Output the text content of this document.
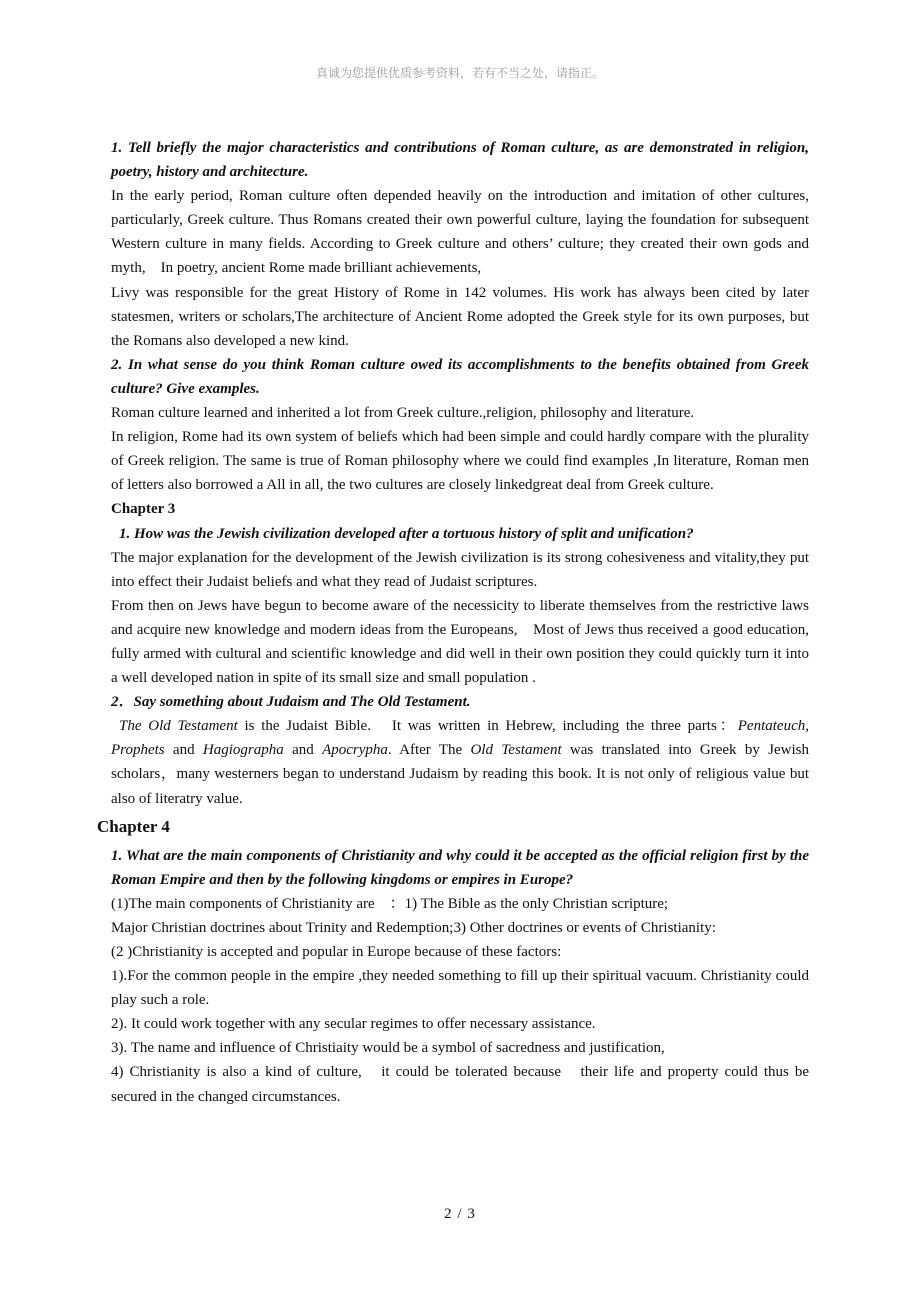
真诚为您提供优质参考资料，若有不当之处，请指正。

1. Tell briefly the major characteristics and contributions of Roman culture, as are demonstrated in religion, poetry, history and architecture.

In the early period, Roman culture often depended heavily on the introduction and imitation of other cultures, particularly, Greek culture. Thus Romans created their own powerful culture, laying the foundation for subsequent Western culture in many fields. According to Greek culture and others’ culture; they created their own gods and myth,　In poetry, ancient Rome made brilliant achievements,

Livy was responsible for the great History of Rome in 142 volumes. His work has always been cited by later statesmen, writers or scholars,The architecture of Ancient Rome adopted the Greek style for its own purposes, but the Romans also developed a new kind.

2. In what sense do you think Roman culture owed its accomplishments to the benefits obtained from Greek culture? Give examples.

Roman culture learned and inherited a lot from Greek culture.,religion, philosophy and literature.

In religion, Rome had its own system of beliefs which had been simple and could hardly compare with the plurality of Greek religion. The same is true of Roman philosophy where we could find examples ,In literature, Roman men of letters also borrowed a All in all, the two cultures are closely linkedgreat deal from Greek culture.

Chapter 3

1. How was the Jewish civilization developed after a tortuous history of split and unification?

The major explanation for the development of the Jewish civilization is its strong cohesiveness and vitality,they put into effect their Judaist beliefs and what they read of Judaist scriptures.

From then on Jews have begun to become aware of the necessicity to liberate themselves from the restrictive laws and acquire new knowledge and modern ideas from the Europeans,　Most of Jews thus received a good education, fully armed with cultural and scientific knowledge and did well in their own position they could quickly turn it into a well developed nation in spite of its small size and small population .

2．Say something about Judaism and The Old Testament.

The Old Testament is the Judaist Bible.　It was written in Hebrew, including the three parts：Pentateuch, Prophets and Hagiographa and Apocrypha. After The Old Testament was translated into Greek by Jewish scholars，many westerners began to understand Judaism by reading this book. It is not only of religious value but also of literatry value.

Chapter 4

1. What are the main components of Christianity and why could it be accepted as the official religion first by the Roman Empire and then by the following kingdoms or empires in Europe?

(1)The main components of Christianity are　：1) The Bible as the only Christian scripture;

Major Christian doctrines about Trinity and Redemption;3) Other doctrines or events of Christianity:

(2 )Christianity is accepted and popular in Europe because of these factors:

1).For the common people in the empire ,they needed something to fill up their spiritual vacuum. Christianity could play such a role.

2). It could work together with any secular regimes to offer necessary assistance.

3). The name and influence of Christiaity would be a symbol of sacredness and justification,

4) Christianity is also a kind of culture,　it could be tolerated because　their life and property could thus be secured in the changed circumstances.

2 / 3
